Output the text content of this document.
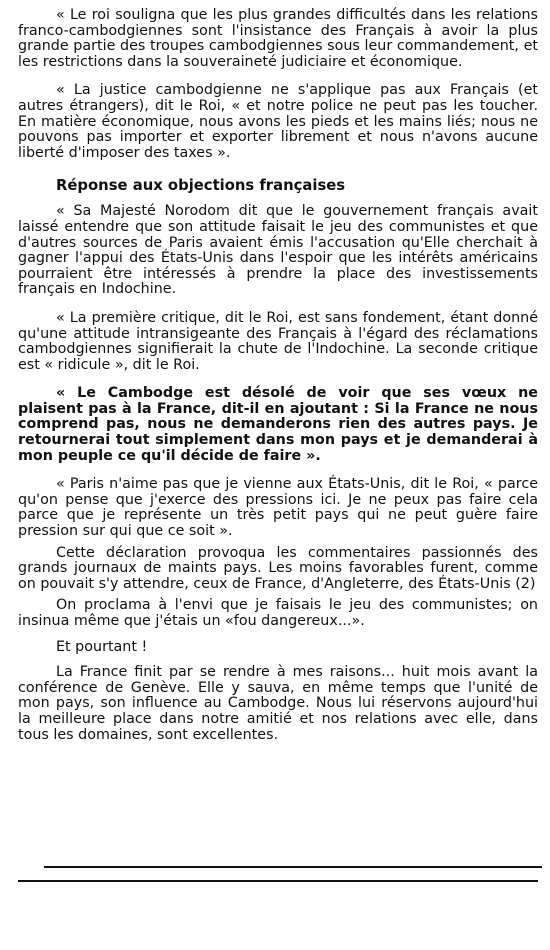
« Le roi souligna que les plus grandes difficultés dans les relations franco-cambodgiennes sont l'insistance des Français à avoir la plus grande partie des troupes cambodgiennes sous leur commandement, et les restrictions dans la souveraineté judiciaire et économique.

« La justice cambodgienne ne s'applique pas aux Français (et autres étrangers), dit le Roi, « et notre police ne peut pas les toucher. En matière économique, nous avons les pieds et les mains liés; nous ne pouvons pas importer et exporter librement et nous n'avons aucune liberté d'imposer des taxes ».

Réponse aux objections françaises

« Sa Majesté Norodom dit que le gouvernement français avait laissé entendre que son attitude faisait le jeu des communistes et que d'autres sources de Paris avaient émis l'accusation qu'Elle cherchait à gagner l'appui des États-Unis dans l'espoir que les intérêts américains pourraient être intéressés à prendre la place des investissements français en Indochine.

« La première critique, dit le Roi, est sans fondement, étant donné qu'une attitude intransigeante des Français à l'égard des réclamations cambodgiennes signifierait la chute de l'Indochine. La seconde critique est « ridicule », dit le Roi.

« Le Cambodge est désolé de voir que ses vœux ne plaisent pas à la France, dit-il en ajoutant : Si la France ne nous comprend pas, nous ne demanderons rien des autres pays. Je retournerai tout simplement dans mon pays et je demanderai à mon peuple ce qu'il décide de faire ».

« Paris n'aime pas que je vienne aux États-Unis, dit le Roi, « parce qu'on pense que j'exerce des pressions ici. Je ne peux pas faire cela parce que je représente un très petit pays qui ne peut guère faire pression sur qui que ce soit ».

Cette déclaration provoqua les commentaires passionnés des grands journaux de maints pays. Les moins favorables furent, comme on pouvait s'y attendre, ceux de France, d'Angleterre, des États-Unis (2)

On proclama à l'envi que je faisais le jeu des communistes; on insinua même que j'étais un «fou dangereux...».

Et pourtant !

La France finit par se rendre à mes raisons... huit mois avant la conférence de Genève. Elle y sauva, en même temps que l'unité de mon pays, son influence au Cambodge. Nous lui réservons aujourd'hui la meilleure place dans notre amitié et nos relations avec elle, dans tous les domaines, sont excellentes.
